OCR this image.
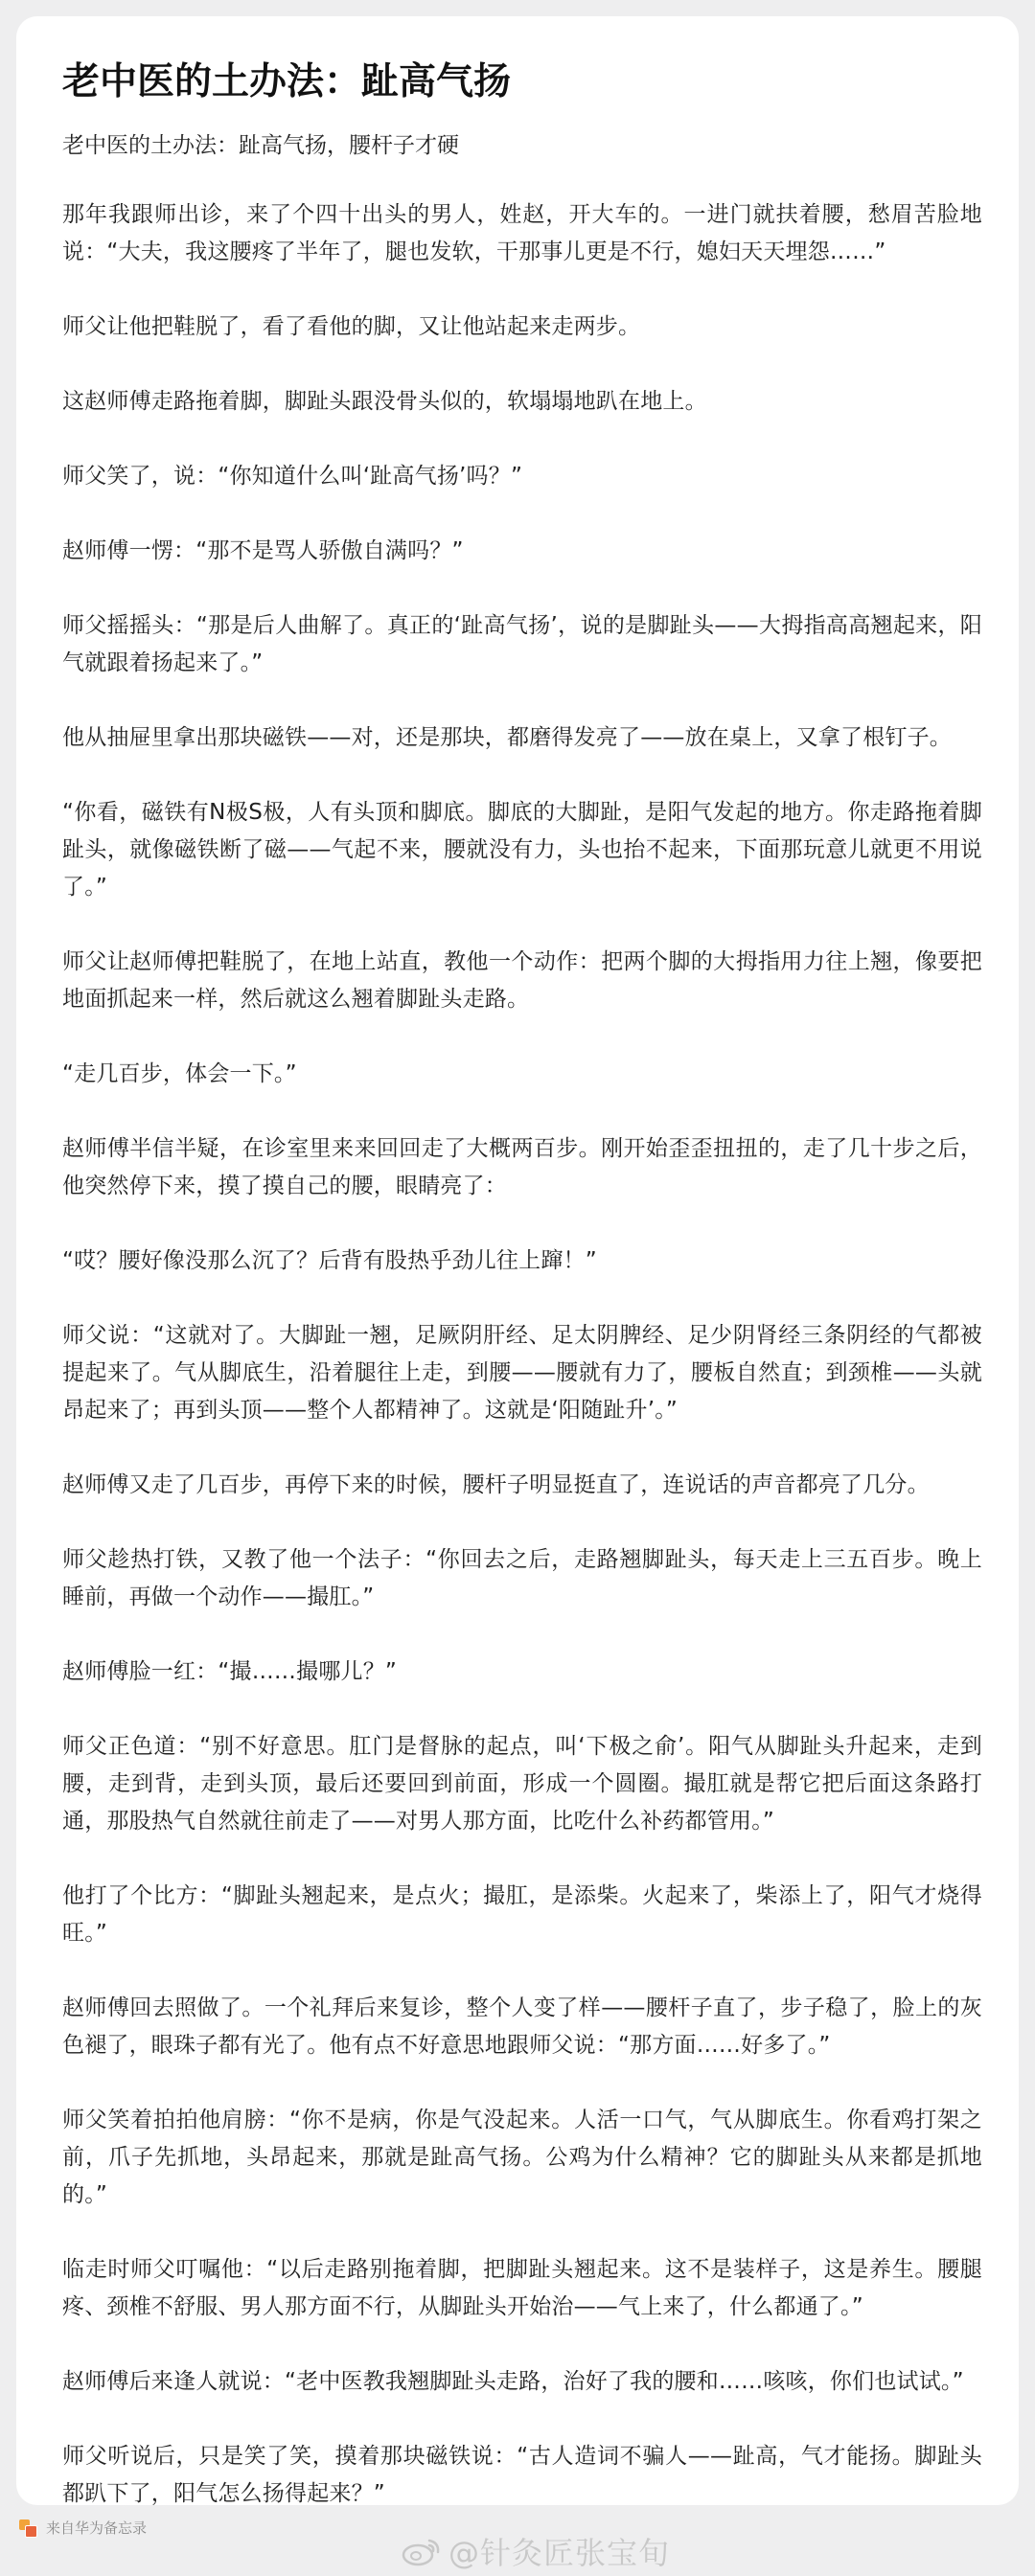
老中医的土办法：趾高气扬
老中医的土办法：趾高气扬，腰杆子才硬

那年我跟师出诊，来了个四十出头的男人，姓赵，开大车的。一进门就扶着腰，愁眉苦脸地说：“大夫，我这腰疼了半年了，腿也发软，干那事儿更是不行，媳妇天天埋怨……”

师父让他把鞋脱了，看了看他的脚，又让他站起来走两步。

这赵师傅走路拖着脚，脚趾头跟没骨头似的，软塌塌地趴在地上。

师父笑了，说：“你知道什么叫‘趾高气扬’吗？”

赵师傅一愣：“那不是骂人骄傲自满吗？”

师父摇摇头：“那是后人曲解了。真正的‘趾高气扬’，说的是脚趾头——大拇指高高翘起来，阳气就跟着扬起来了。”

他从抽屉里拿出那块磁铁——对，还是那块，都磨得发亮了——放在桌上，又拿了根钉子。

“你看，磁铁有N极S极，人有头顶和脚底。脚底的大脚趾，是阳气发起的地方。你走路拖着脚趾头，就像磁铁断了磁——气起不来，腰就没有力，头也抬不起来，下面那玩意儿就更不用说了。”

师父让赵师傅把鞋脱了，在地上站直，教他一个动作：把两个脚的大拇指用力往上翘，像要把地面抓起来一样，然后就这么翘着脚趾头走路。

“走几百步，体会一下。”

赵师傅半信半疑，在诊室里来来回回走了大概两百步。刚开始歪歪扭扭的，走了几十步之后，他突然停下来，摸了摸自己的腰，眼睛亮了：

“哎？腰好像没那么沉了？后背有股热乎劲儿往上蹿！”

师父说：“这就对了。大脚趾一翘，足厥阴肝经、足太阴脾经、足少阴肾经三条阴经的气都被提起来了。气从脚底生，沿着腿往上走，到腰——腰就有力了，腰板自然直；到颈椎——头就昂起来了；再到头顶——整个人都精神了。这就是‘阳随趾升’。”

赵师傅又走了几百步，再停下来的时候，腰杆子明显挺直了，连说话的声音都亮了几分。

师父趁热打铁，又教了他一个法子：“你回去之后，走路翘脚趾头，每天走上三五百步。晚上睡前，再做一个动作——撮肛。”

赵师傅脸一红：“撮……撮哪儿？”

师父正色道：“别不好意思。肛门是督脉的起点，叫‘下极之俞’。阳气从脚趾头升起来，走到腰，走到背，走到头顶，最后还要回到前面，形成一个圆圈。撮肛就是帮它把后面这条路打通，那股热气自然就往前走了——对男人那方面，比吃什么补药都管用。”

他打了个比方：“脚趾头翘起来，是点火；撮肛，是添柴。火起来了，柴添上了，阳气才烧得旺。”

赵师傅回去照做了。一个礼拜后来复诊，整个人变了样——腰杆子直了，步子稳了，脸上的灰色褪了，眼珠子都有光了。他有点不好意思地跟师父说：“那方面……好多了。”

师父笑着拍拍他肩膀：“你不是病，你是气没起来。人活一口气，气从脚底生。你看鸡打架之前，爪子先抓地，头昂起来，那就是趾高气扬。公鸡为什么精神？它的脚趾头从来都是抓地的。”

临走时师父叮嘱他：“以后走路别拖着脚，把脚趾头翘起来。这不是装样子，这是养生。腰腿疼、颈椎不舒服、男人那方面不行，从脚趾头开始治——气上来了，什么都通了。”

赵师傅后来逢人就说：“老中医教我翘脚趾头走路，治好了我的腰和……咳咳，你们也试试。”

师父听说后，只是笑了笑，摸着那块磁铁说：“古人造词不骗人——趾高，气才能扬。脚趾头都趴下了，阳气怎么扬得起来？”

来自华为备忘录
@针灸匠张宝旬
